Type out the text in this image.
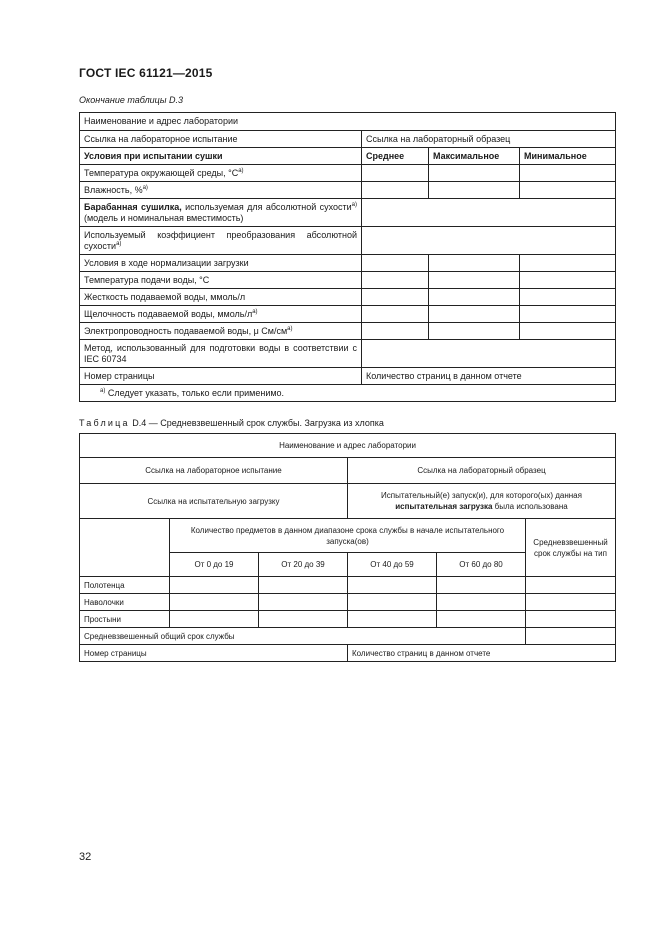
ГОСТ IEC 61121—2015
Окончание таблицы D.3
Наименование и адрес лаборатории			
Ссылка на лабораторное испытание	Ссылка на лабораторный образец		
Условия при испытании сушки	Среднее	Максимальное	Минимальное
Температура окружающей среды, $^\circ С^{a)}$			
Влажность, %$^{a)}$			
Барабанная сушилка, используемая для абсолютной сухости$^{a)}$ (модель и номинальная вместимость)			
Используемый коэффициент преобразования абсолютной сухости$^{a)}$	
Условия в ходе нормализации загрузки			
Температура подачи воды, °С			
Жесткость подаваемой воды, ммоль/л			
Щелочность подаваемой воды, ммоль/$л^{a)}$			
Электропроводность подаваемой воды, μ $См/см^{a)}$			
Метод, использованный для подготовки воды в соответствии с IEC 60734			
Номер страницы	Количество страниц в данном отчете		
$^{а)}$ Следует указать, только если применимо.			
Таблица D.4 — Средневзвешенный срок службы. Загрузка из хлопка
Наименование и адрес лаборатории					
Ссылка на лабораторное испытание			Ссылка на лабораторный образец		
Ссылка на испытательную загрузку			Испытательный(е) запуск(и), для которого(ых) данная испытательная загрузка была использована		
	Количество предметов в данном диапазоне срока службы в начале испытательного запуска(ов)				Средневзвешенный срок службы на тип
	От 0 до 19	От 20 до 39	От 40 до 59	От 60 до 80	
Полотенца					
Наволочки					
Простыни					
Средневзвешенный общий срок службы					
Номер страницы			Количество страниц в данном отчете		
32
